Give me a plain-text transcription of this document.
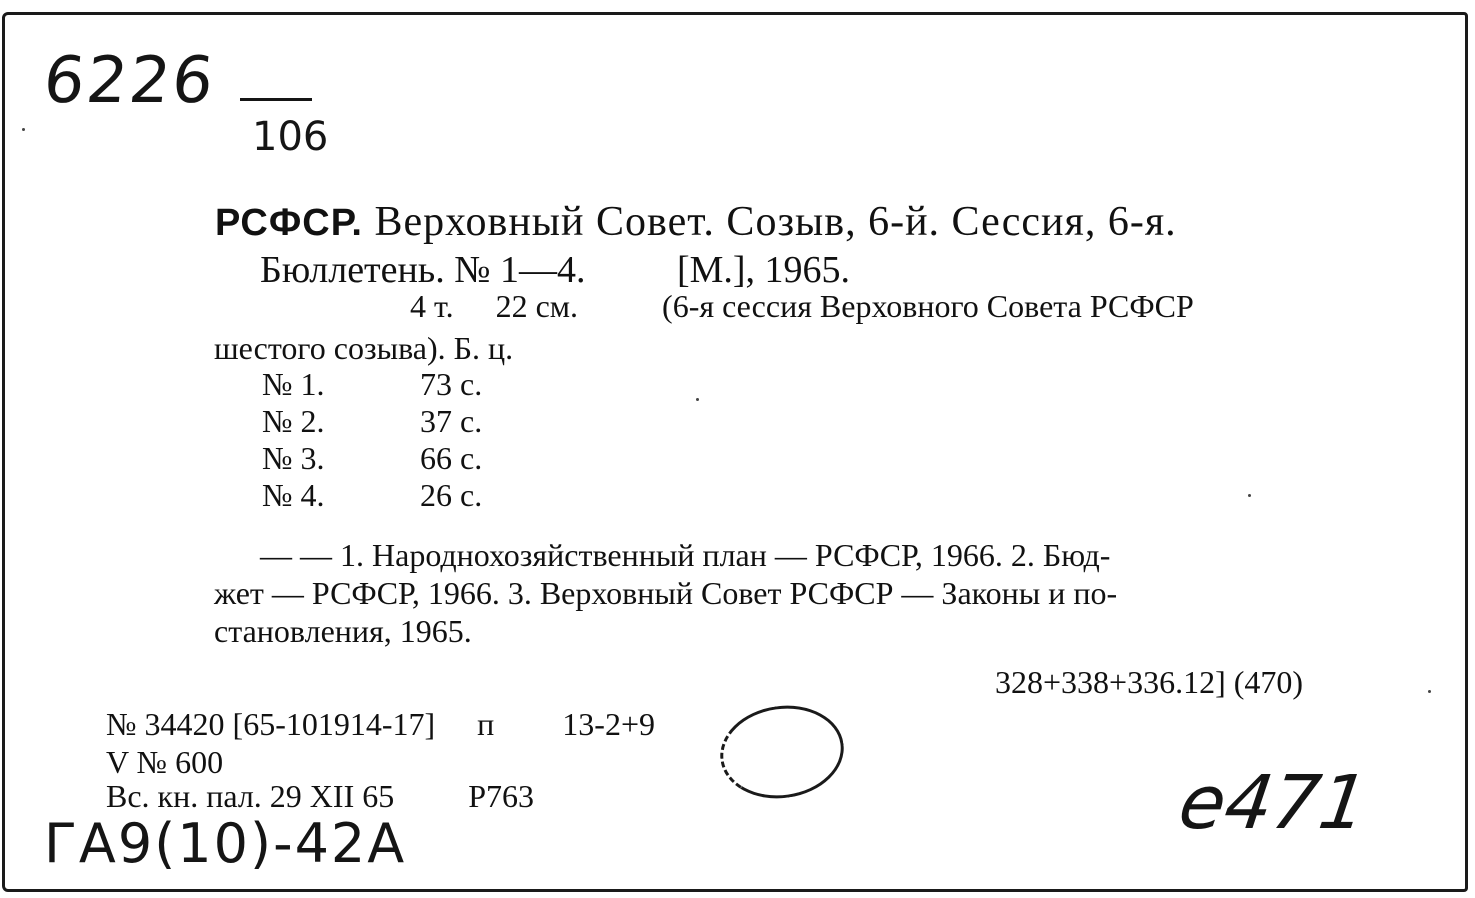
6226
106
РСФСР. Верховный Совет. Созыв, 6-й. Сессия, 6-я.
Бюллетень. № 1—4. [М.], 1965.
4 т. 22 см.	(6-я сессия Верховного Совета РСФСР
шестого созыва). Б. ц.
№ 1.	73 с.
№ 2.	37 с.
№ 3.	66 с.
№ 4.	26 с.
— — 1. Народнохозяйственный план — РСФСР, 1966. 2. Бюд-
жет — РСФСР, 1966. 3. Верховный Совет РСФСР — Законы и по-
становления, 1965.
328+338+336.12] (470)
№ 34420 [65-101914-17] п 13-2+9
V № 600
Вс. кн. пал. 29 XII 65 Р763
ГА9(10)-42А	е471
